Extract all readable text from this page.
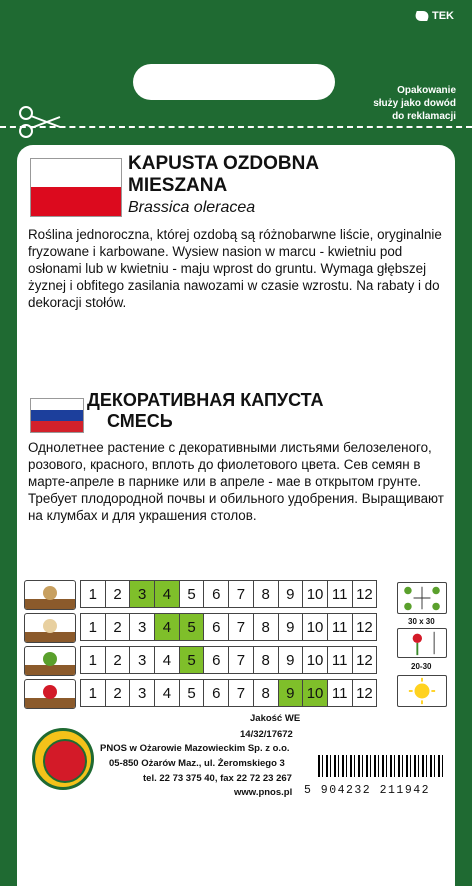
TEK
Opakowanie
służy jako dowód
do reklamacji
KAPUSTA OZDOBNA
MIESZANA
Brassica oleracea
Roślina jednoroczna, której ozdobą są różnobarwne liście, oryginalnie fryzowane i karbowane. Wysiew nasion w marcu - kwietniu pod osłonami lub w kwietniu - maju wprost do gruntu. Wymaga głębszej żyznej i obfitego zasilania nawozami w czasie wzrostu. Na rabaty i do dekoracji stołów.
ДЕКОРАТИВНАЯ КАПУСТА
СМЕСЬ
Однолетнее растение с декоративными листьями белозеленого, розового, красного, вплоть до фиолетового цвета. Сев семян в марте-апреле в парнике или в апреле - мае в открытом грунте. Требует плодородной почвы и обильного удобрения. Выращивают на клумбах и для украшения столов.
1	2	3	4	5	6	7	8	9 10 11 12
1	2	3	4	5	6	7	8	9 10 11 12
1	2	3	4	5	6	7	8	9 10 11 12
1	2	3	4	5	6	7	8	9 10 11 12
30 x 30
20-30
Jakość WE
14/32/17672
PNOS w Ożarowie Mazowieckim Sp. z o.o.
05-850 Ożarów Maz., ul. Żeromskiego 3
tel. 22 73 375 40, fax 22 72 23 267
www.pnos.pl 5 904232 211942
